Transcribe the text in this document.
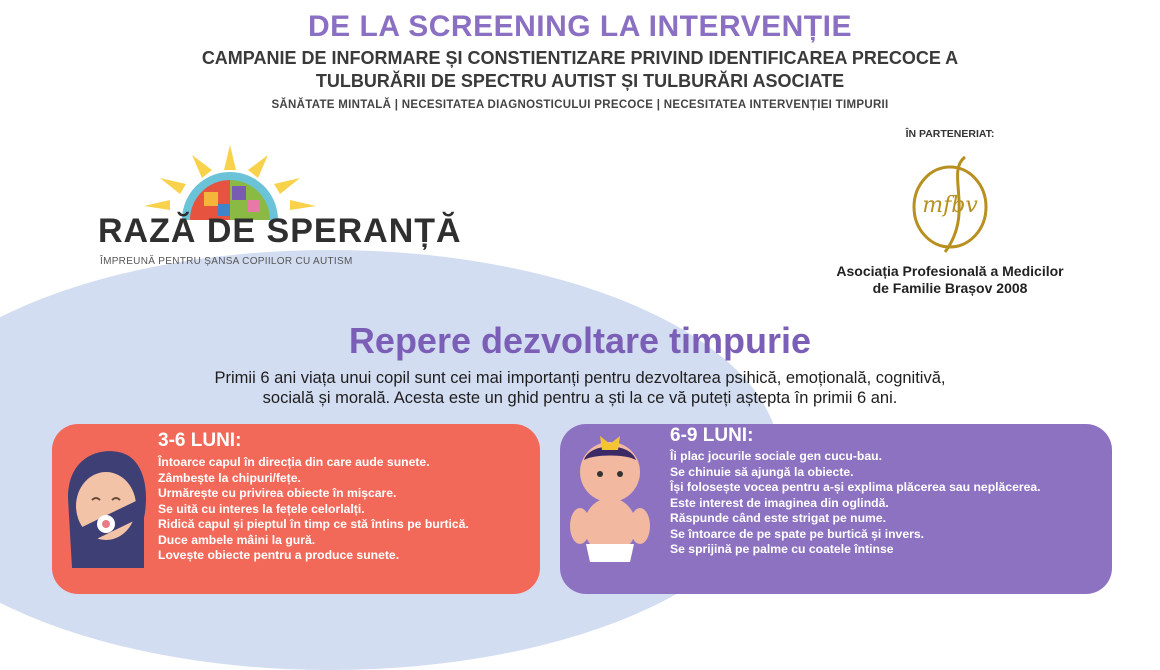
DE LA SCREENING LA INTERVENȚIE
CAMPANIE DE INFORMARE ȘI CONSTIENTIZARE PRIVIND IDENTIFICAREA PRECOCE A
TULBURĂRII DE SPECTRU AUTIST ȘI TULBURĂRI ASOCIATE
SĂNĂTATE MINTALĂ | NECESITATEA DIAGNOSTICULUI PRECOCE | NECESITATEA INTERVENȚIEI TIMPURII
RAZĂ DE SPERANȚĂ
ÎMPREUNĂ PENTRU ȘANSA COPIILOR CU AUTISM
ÎN PARTENERIAT:
mfbv
Asociația Profesională a Medicilor
de Familie Brașov 2008
Repere dezvoltare timpurie
Primii 6 ani viața unui copil sunt cei mai importanți pentru dezvoltarea psihică, emoțională, cognitivă,
socială și morală. Acesta este un ghid pentru a ști la ce vă puteți aștepta în primii 6 ani.
3-6 LUNI:
Întoarce capul în direcția din care aude sunete.
Zâmbește la chipuri/fețe.
Urmărește cu privirea obiecte în mișcare.
Se uită cu interes la fețele celorlalți.
Ridică capul și pieptul în timp ce stă întins pe burtică.
Duce ambele mâini la gură.
Lovește obiecte pentru a produce sunete.
6-9 LUNI:
Îi plac jocurile sociale gen cucu-bau.
Se chinuie să ajungă la obiecte.
Își folosește vocea pentru a-și explima plăcerea sau neplăcerea.
Este interest de imaginea din oglindă.
Răspunde când este strigat pe nume.
Se întoarce de pe spate pe burtică și invers.
Se sprijină pe palme cu coatele întinse
